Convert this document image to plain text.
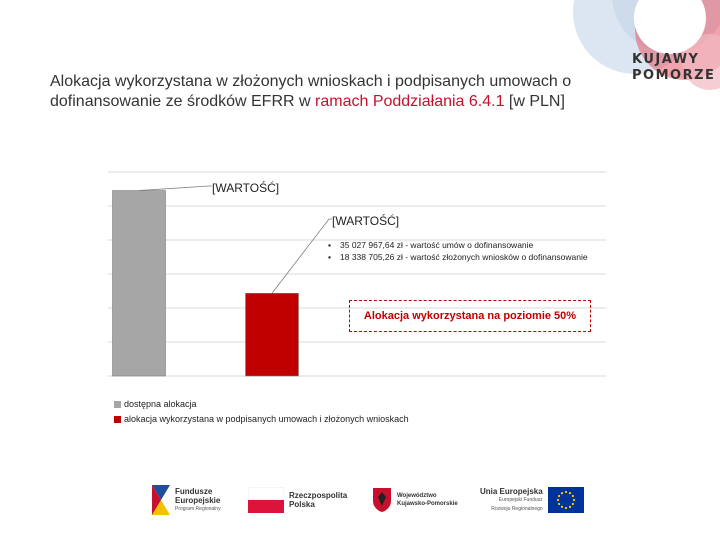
KUJAWY
POMORZE
Alokacja wykorzystana w złożonych wnioskach i podpisanych umowach o dofinansowanie ze środków EFRR w ramach Poddziałania 6.4.1 [w PLN]
[WARTOŚĆ]
[WARTOŚĆ]
▪ 35 027 967,64 zł - wartość umów o dofinansowanie
▪ 18 338 705,26 zł - wartość złożonych wniosków o dofinansowanie
Alokacja wykorzystana na poziomie 50%
dostępna alokacja
alokacja wykorzystana w podpisanych umowach i złożonych wnioskach
Fundusze
Europejskie
Program Regionalny
Rzeczpospolita
Polska
Województwo
Kujawsko-Pomorskie
Unia Europejska
Europejski Fundusz
Rozwoju Regionalnego
